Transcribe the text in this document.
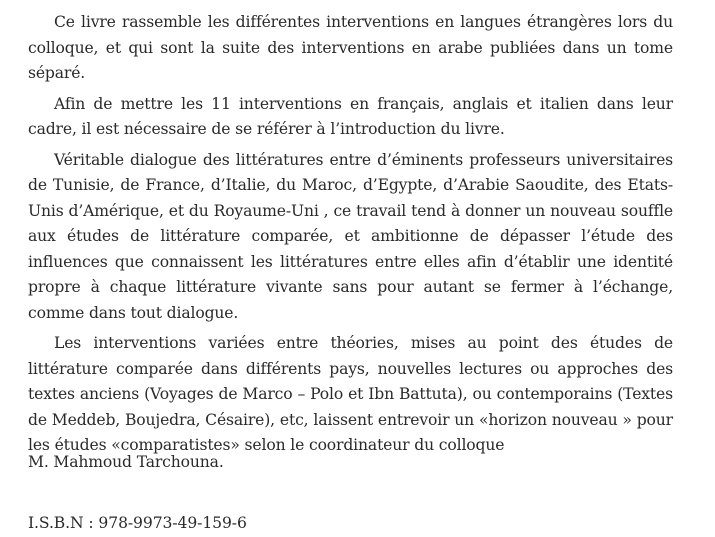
Ce livre rassemble les différentes interventions en langues étrangères lors du colloque, et qui sont la suite des interventions en arabe publiées dans un tome séparé.

Afin de mettre les 11 interventions en français, anglais et italien dans leur cadre, il est nécessaire de se référer à l’introduction du livre.

Véritable dialogue des littératures entre d’éminents professeurs universitaires de Tunisie, de France, d’Italie, du Maroc, d’Egypte, d’Arabie Saoudite, des Etats-Unis d’Amérique, et du Royaume-Uni , ce travail tend à donner un nouveau souffle aux études de littérature comparée, et ambitionne de dépasser l’étude des influences que connaissent les littératures entre elles afin d’établir une identité propre à chaque littérature vivante sans pour autant se fermer à l’échange, comme dans tout dialogue.

Les interventions variées entre théories, mises au point des études de littérature comparée dans différents pays, nouvelles lectures ou approches des textes anciens (Voyages de Marco – Polo et Ibn Battuta), ou contemporains (Textes de Meddeb, Boujedra, Césaire), etc, laissent entrevoir un «horizon nouveau » pour les études «comparatistes» selon le coordinateur du colloque

M. Mahmoud Tarchouna.

I.S.B.N : 978-9973-49-159-6
